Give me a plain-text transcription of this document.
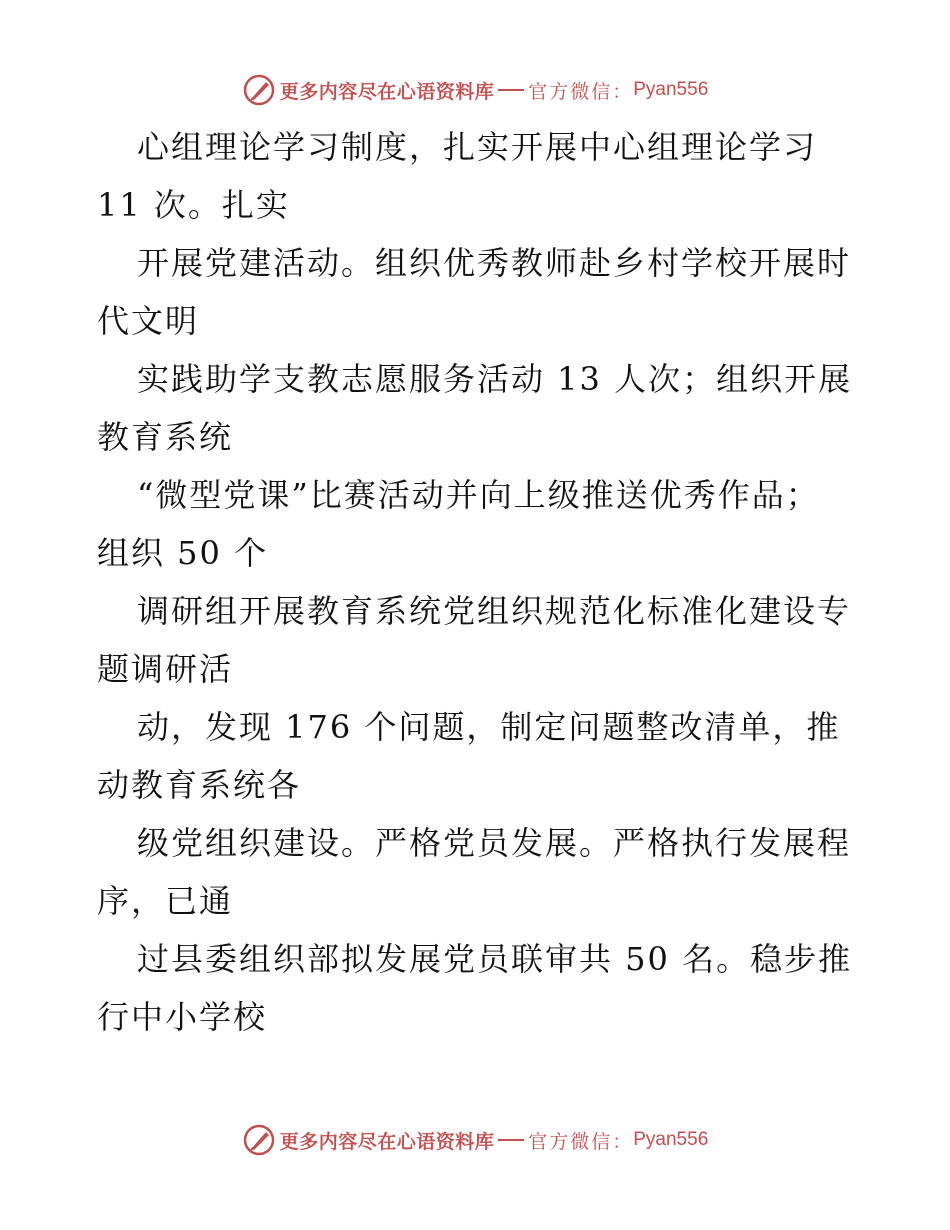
更多内容尽在心语资料库 官方微信： Pyan556
心组理论学习制度，扎实开展中心组理论学习
11 次。扎实
开展党建活动。组织优秀教师赴乡村学校开展时
代文明
实践助学支教志愿服务活动 13 人次；组织开展
教育系统
“微型党课”比赛活动并向上级推送优秀作品；
组织 50 个
调研组开展教育系统党组织规范化标准化建设专
题调研活
动，发现 176 个问题，制定问题整改清单，推
动教育系统各
级党组织建设。严格党员发展。严格执行发展程
序，已通
过县委组织部拟发展党员联审共 50 名。稳步推
行中小学校
更多内容尽在心语资料库 官方微信： Pyan556
